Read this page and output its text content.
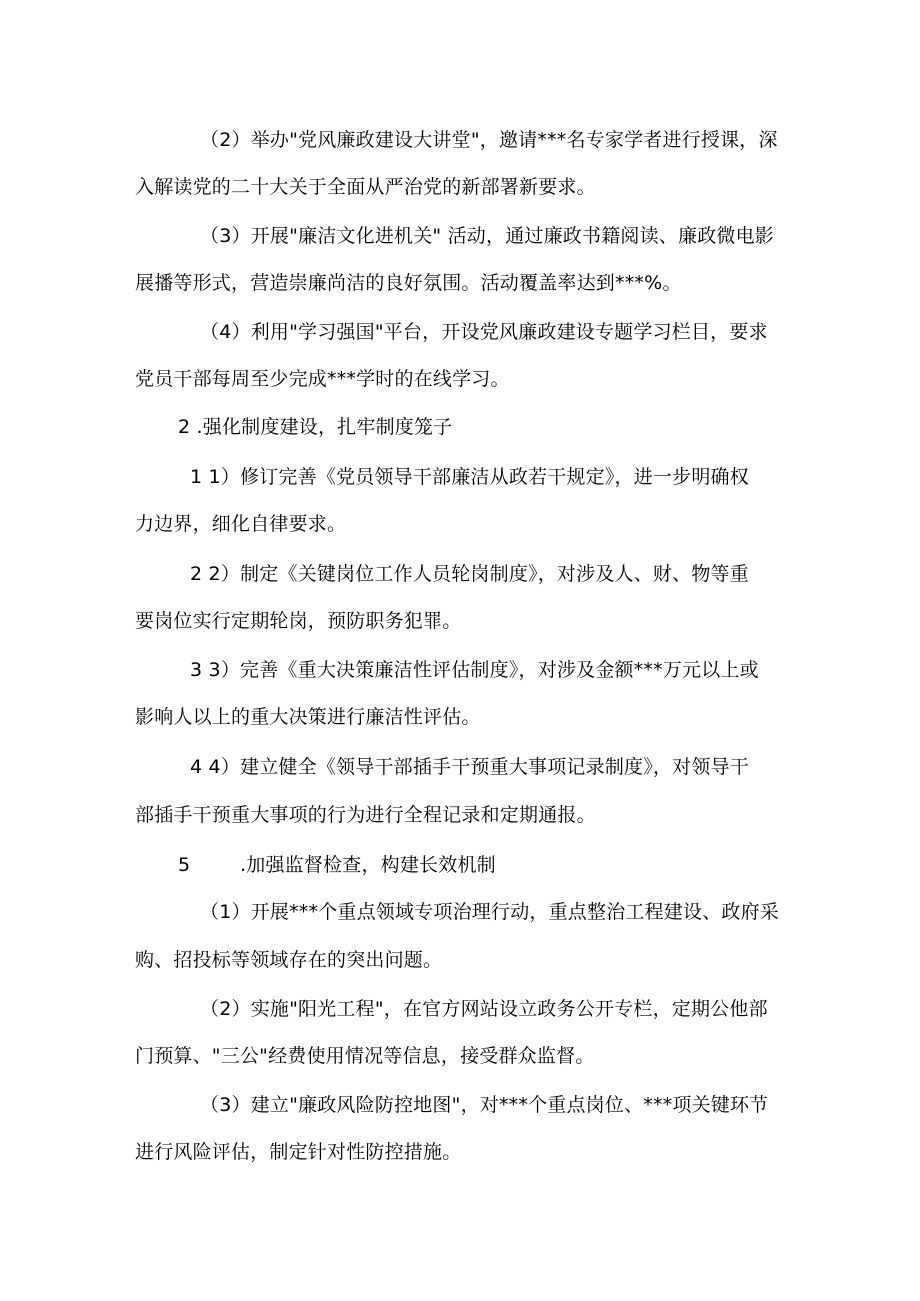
（2）举办"党风廉政建设大讲堂"，邀请***名专家学者进行授课，深
入解读党的二十大关于全面从严治党的新部署新要求。
（3）开展"廉洁文化进机关" 活动，通过廉政书籍阅读、廉政微电影
展播等形式，营造崇廉尚洁的良好氛围。活动覆盖率达到***%。
（4）利用"学习强国"平台，开设党风廉政建设专题学习栏目，要求
党员干部每周至少完成***学时的在线学习。
2 .强化制度建设，扎牢制度笼子
1 1）修订完善《党员领导干部廉洁从政若干规定》，进一步明确权
力边界，细化自律要求。
2 2）制定《关键岗位工作人员轮岗制度》，对涉及人、财、物等重
要岗位实行定期轮岗，预防职务犯罪。
3 3）完善《重大决策廉洁性评估制度》，对涉及金额***万元以上或
影响人以上的重大决策进行廉洁性评估。
4 4）建立健全《领导干部插手干预重大事项记录制度》，对领导干
部插手干预重大事项的行为进行全程记录和定期通报。
5	.加强监督检查，构建长效机制
（1）开展***个重点领域专项治理行动，重点整治工程建设、政府采
购、招投标等领域存在的突出问题。
（2）实施"阳光工程"，在官方网站设立政务公开专栏，定期公他部
门预算、"三公"经费使用情况等信息，接受群众监督。
（3）建立"廉政风险防控地图"，对***个重点岗位、***项关键环节
进行风险评估，制定针对性防控措施。
